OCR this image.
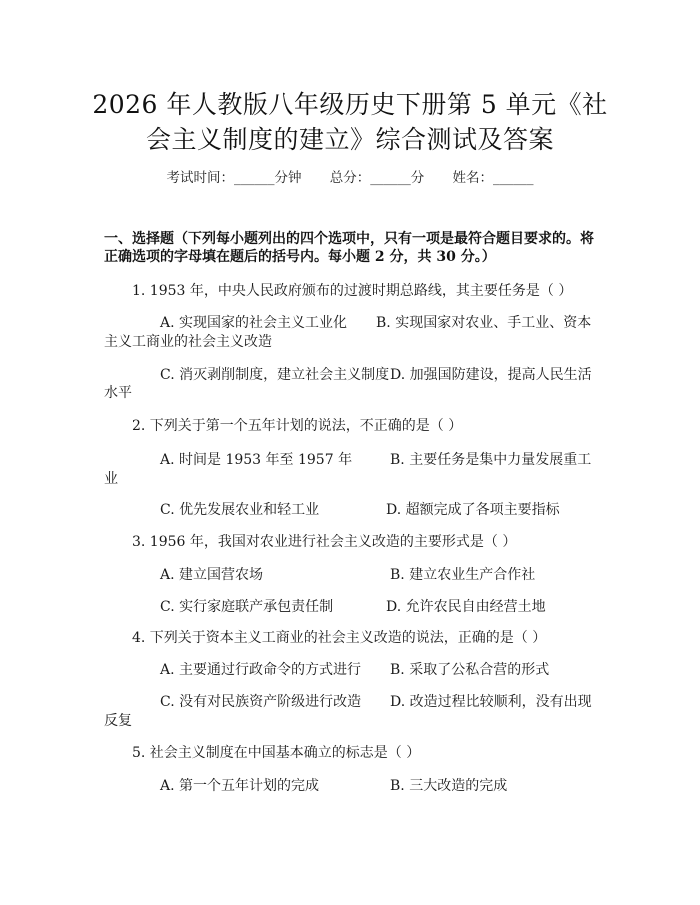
2026 年人教版八年级历史下册第 5 单元《社
会主义制度的建立》综合测试及答案
考试时间：______分钟 总分：______分 姓名：______
一、选择题（下列每小题列出的四个选项中，只有一项是最符合题目要求的。将
正确选项的字母填在题后的括号内。每小题 2 分，共 30 分。）
1. 1953 年，中央人民政府颁布的过渡时期总路线，其主要任务是（ ）
A. 实现国家的社会主义工业化 B. 实现国家对农业、手工业、资本
主义工商业的社会主义改造
C. 消灭剥削制度，建立社会主义制度 D. 加强国防建设，提高人民生活
水平
2. 下列关于第一个五年计划的说法，不正确的是（ ）
A. 时间是 1953 年至 1957 年	B. 主要任务是集中力量发展重工
业
C. 优先发展农业和轻工业	D. 超额完成了各项主要指标
3. 1956 年，我国对农业进行社会主义改造的主要形式是（ ）
A. 建立国营农场	B. 建立农业生产合作社
C. 实行家庭联产承包责任制	D. 允许农民自由经营土地
4. 下列关于资本主义工商业的社会主义改造的说法，正确的是（ ）
A. 主要通过行政命令的方式进行 B. 采取了公私合营的形式
C. 没有对民族资产阶级进行改造 D. 改造过程比较顺利，没有出现
反复
5. 社会主义制度在中国基本确立的标志是（ ）
A. 第一个五年计划的完成	B. 三大改造的完成
